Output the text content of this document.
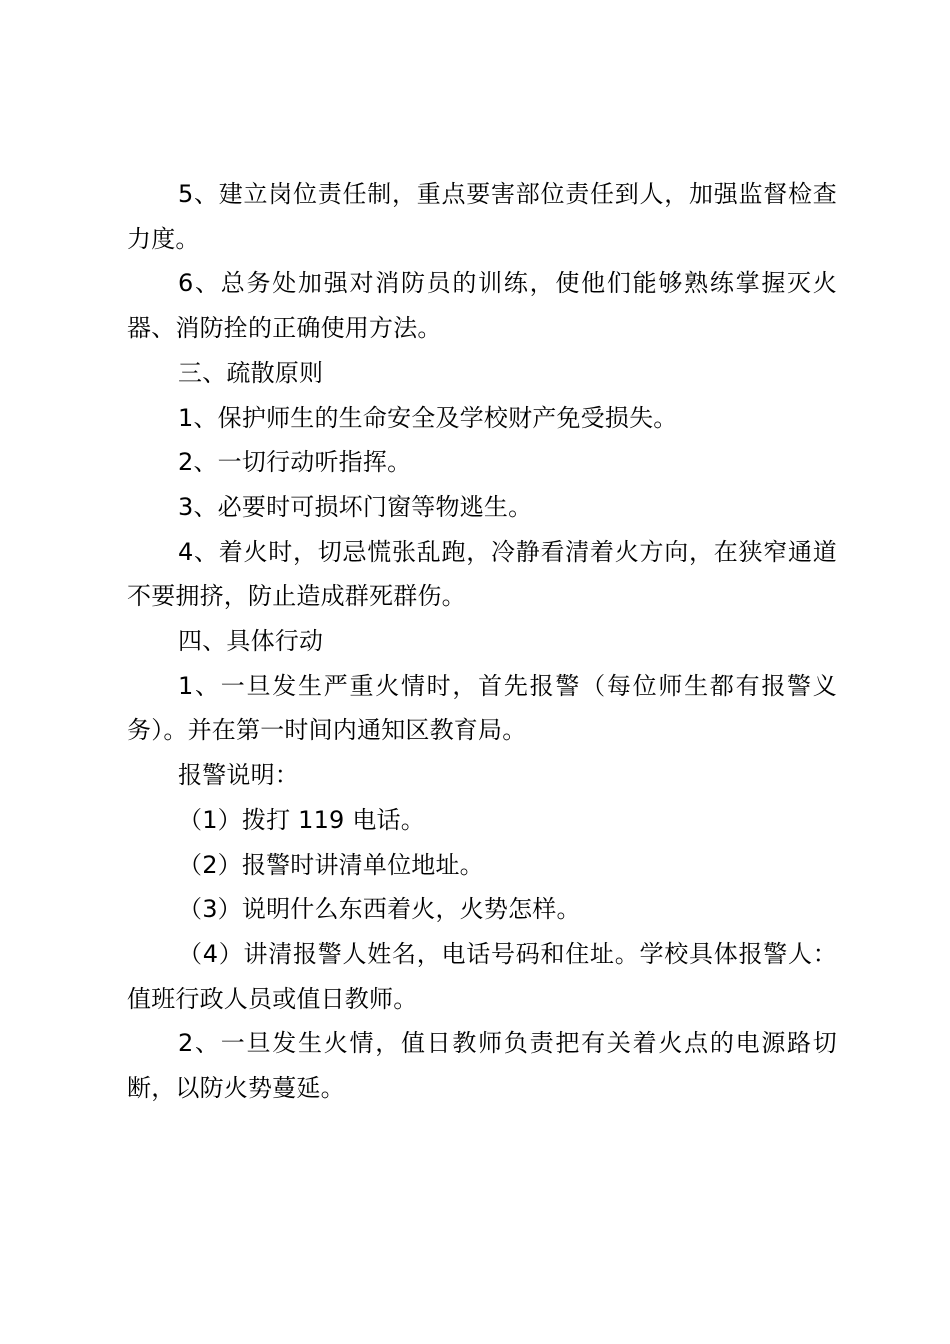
5、建立岗位责任制，重点要害部位责任到人，加强监督检查力度。

6、总务处加强对消防员的训练，使他们能够熟练掌握灭火器、消防拴的正确使用方法。

三、疏散原则

1、保护师生的生命安全及学校财产免受损失。

2、一切行动听指挥。

3、必要时可损坏门窗等物逃生。

4、着火时，切忌慌张乱跑，冷静看清着火方向，在狭窄通道不要拥挤，防止造成群死群伤。

四、具体行动

1、一旦发生严重火情时，首先报警（每位师生都有报警义务）。并在第一时间内通知区教育局。

报警说明：

（1）拨打 119 电话。

（2）报警时讲清单位地址。

（3）说明什么东西着火，火势怎样。

（4）讲清报警人姓名，电话号码和住址。学校具体报警人：值班行政人员或值日教师。

2、一旦发生火情，值日教师负责把有关着火点的电源路切断，以防火势蔓延。
